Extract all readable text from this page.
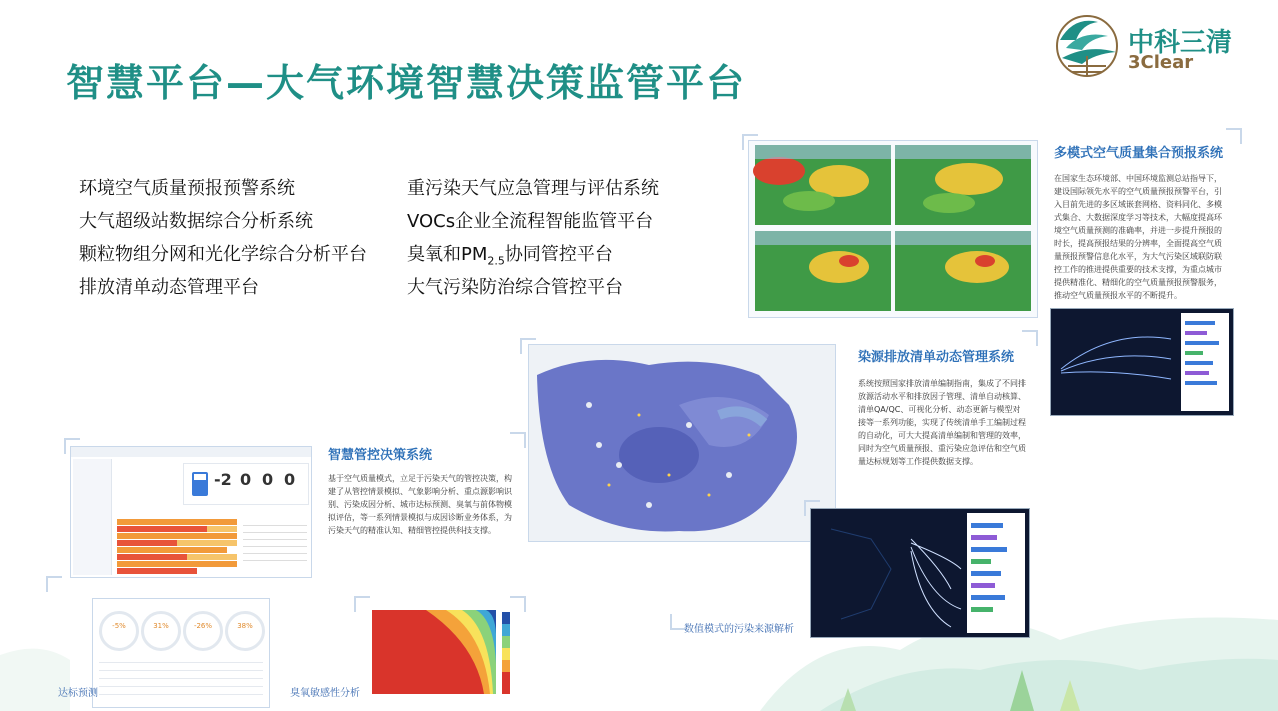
智慧平台—大气环境智慧决策监管平台
中科三清
3Clear
环境空气质量预报预警系统
大气超级站数据综合分析系统
颗粒物组分网和光化学综合分析平台
排放清单动态管理平台
重污染天气应急管理与评估系统
VOCs企业全流程智能监管平台
臭氧和$PM_{2.5}$协同管控平台
大气污染防治综合管控平台
多模式空气质量集合预报系统
在国家生态环境部、中国环境监测总站指导下，建设国际领先水平的空气质量预报预警平台，引入目前先进的多区域嵌套网格、资料同化、多模式集合、大数据深度学习等技术，大幅度提高环境空气质量预测的准确率，并进一步提升预报的时长，提高预报结果的分辨率，全面提高空气质量预报预警信息化水平，为大气污染区域联防联控工作的推进提供重要的技术支撑，为重点城市提供精准化、精细化的空气质量预报预警服务，推动空气质量预报水平的不断提升。
染源排放清单动态管理系统
系统按照国家排放清单编制指南，集成了不同排放源活动水平和排放因子管理、清单自动核算、清单QA/QC、可视化分析、动态更新与模型对接等一系列功能，实现了传统清单手工编制过程的自动化，可大大提高清单编制和管理的效率，同时为空气质量预报、重污染应急评估和空气质量达标规划等工作提供数据支撑。
智慧管控决策系统
基于空气质量模式，立足于污染天气的管控决策，构建了从管控情景模拟、气象影响分析、重点源影响识别、污染成因分析、城市达标预测、臭氧与前体物模拟评估，等一系列情景模拟与成因诊断业务体系，为污染天气的精准认知、精细管控提供科技支撑。
-2 0 0 0
-5%	31%	-26%	38%
达标预测	臭氧敏感性分析
数值模式的污染来源解析
